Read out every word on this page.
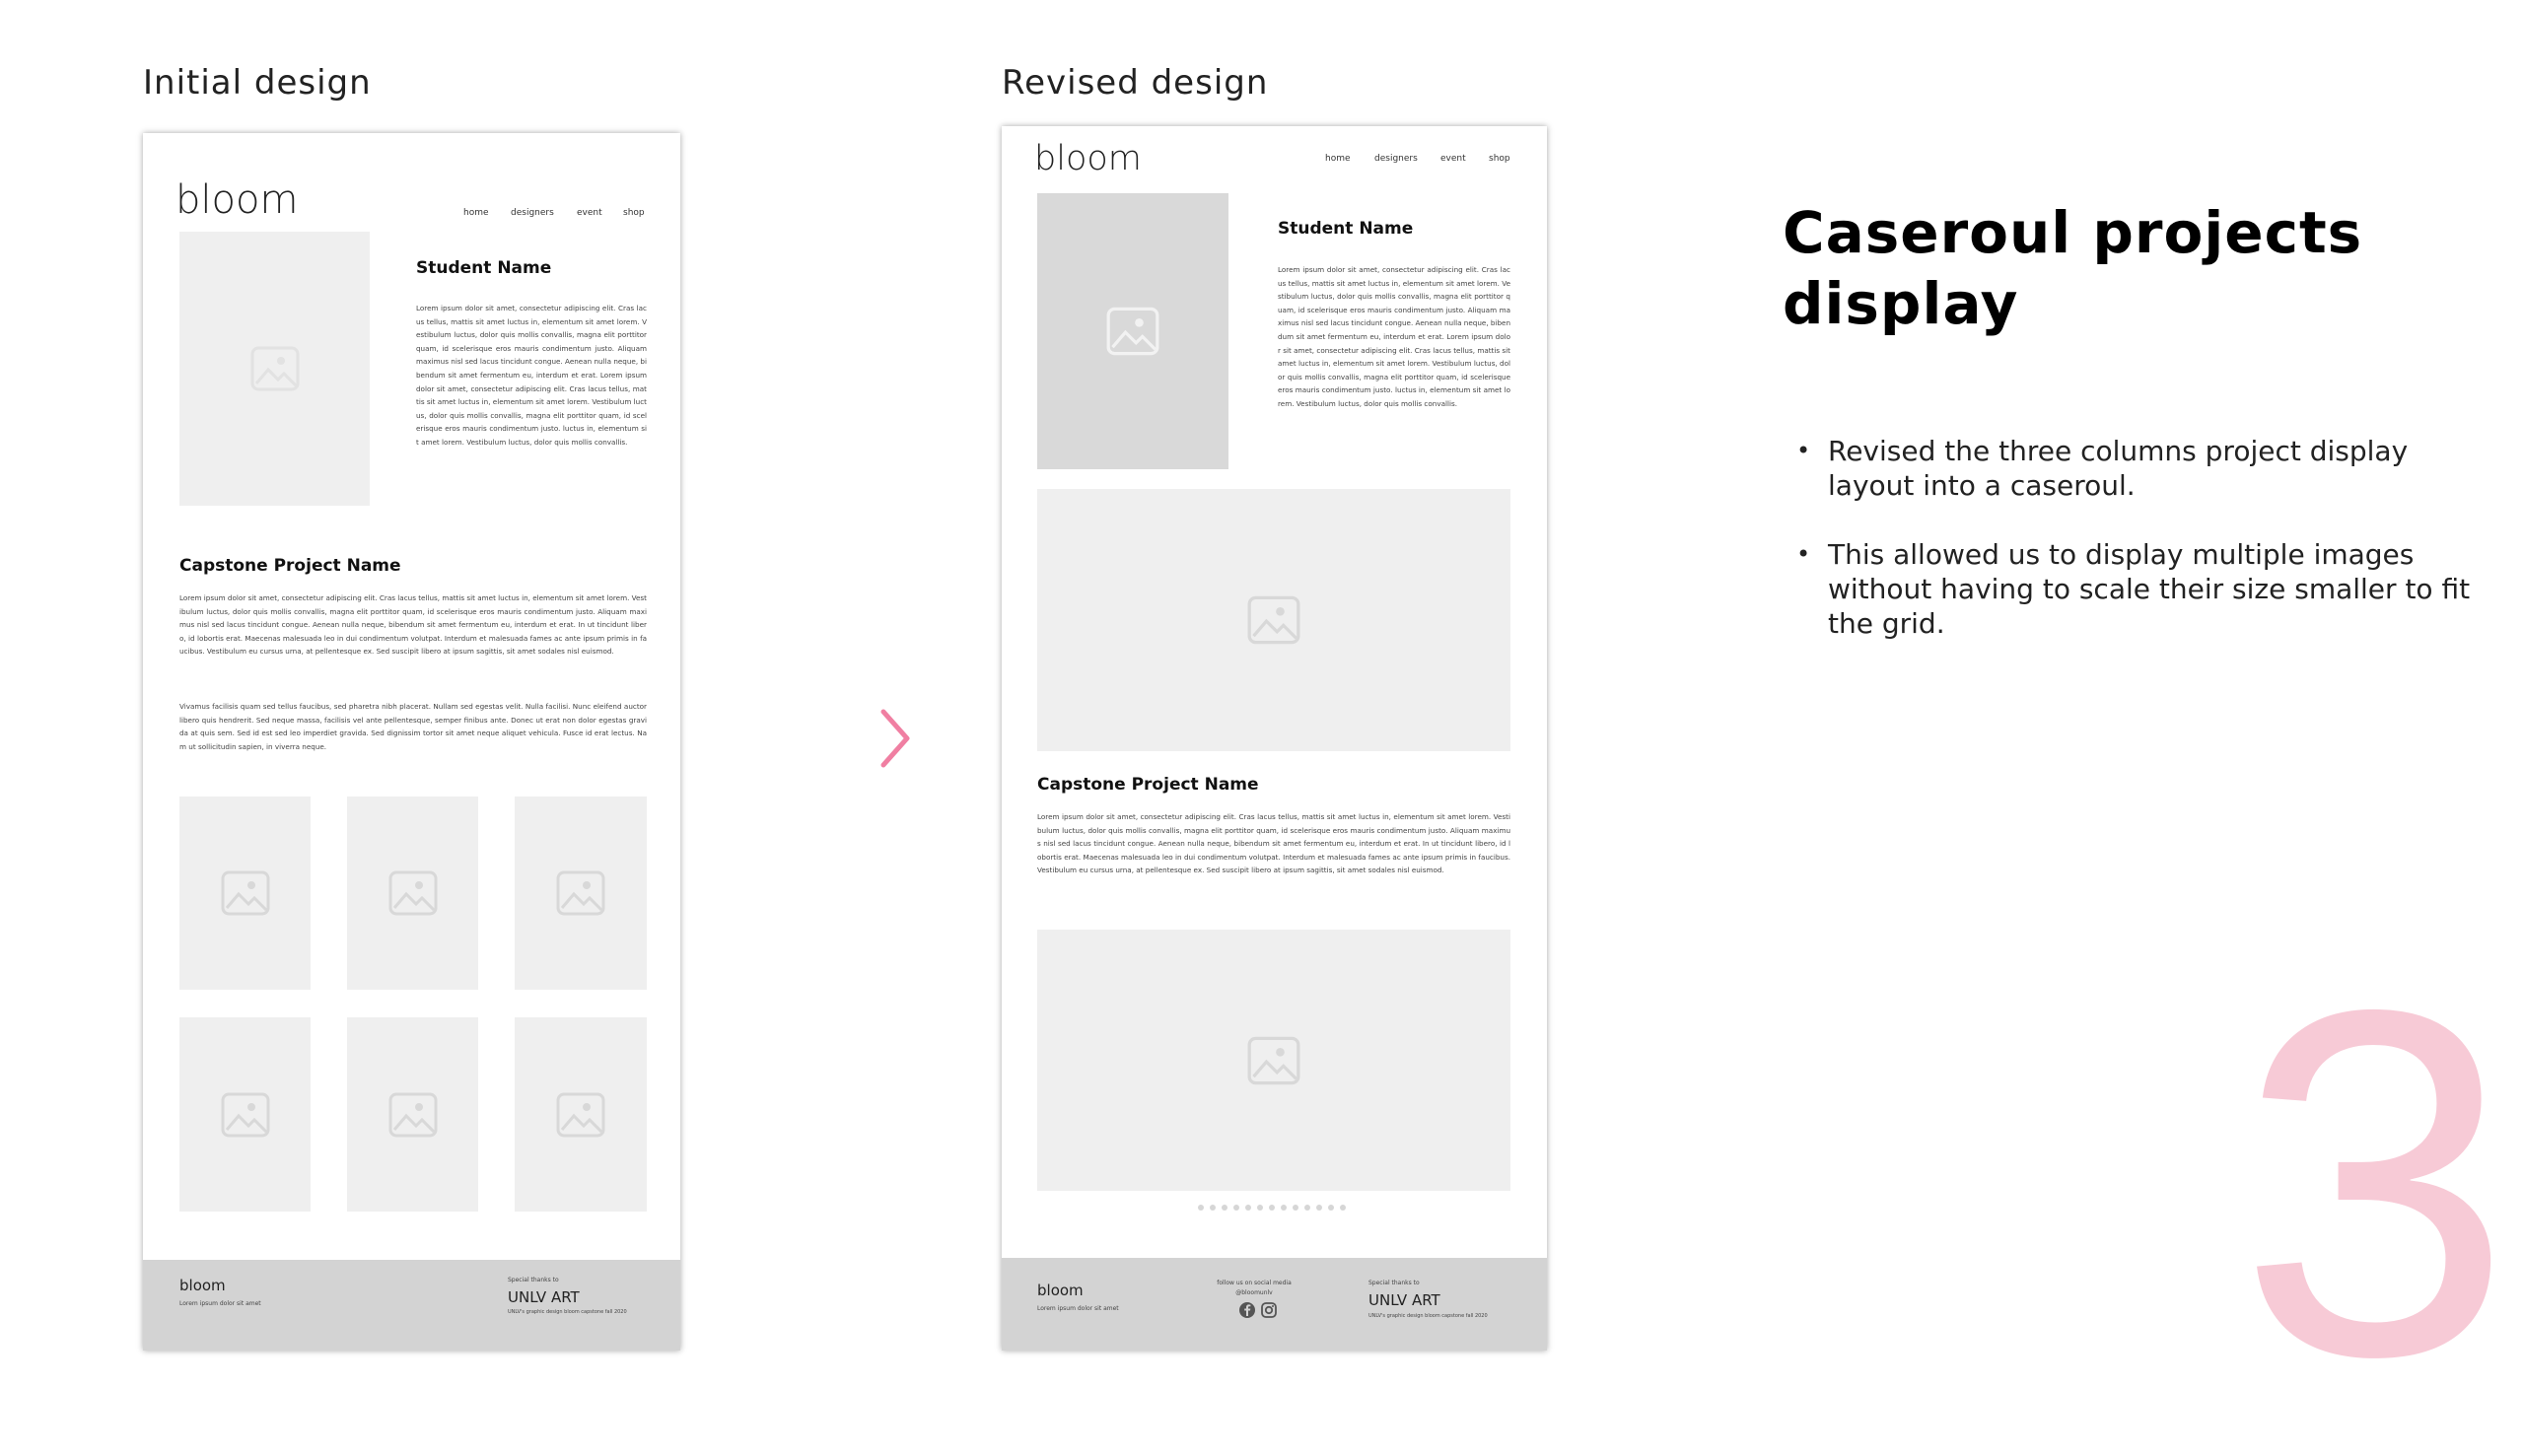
Initial design	Revised design
bloom	home designers	event shop
Student Name
Lorem ipsum dolor sit amet, consectetur adipiscing elit. Cras lacus tellus, mattis sit amet luctus in, elementum sit amet lorem. Vestibulum luctus, dolor quis mollis convallis, magna elit porttitor quam, id scelerisque eros mauris condimentum justo. Aliquam maximus nisl sed lacus tincidunt congue. Aenean nulla neque, bibendum sit amet fermentum eu, interdum et erat. Lorem ipsum dolor sit amet, consectetur adipiscing elit. Cras lacus tellus, mattis sit amet luctus in, elementum sit amet lorem. Vestibulum luctus, dolor quis mollis convallis, magna elit porttitor quam, id scelerisque eros mauris condimentum justo. luctus in, elementum sit amet lorem. Vestibulum luctus, dolor quis mollis convallis.
Capstone Project Name
Lorem ipsum dolor sit amet, consectetur adipiscing elit. Cras lacus tellus, mattis sit amet luctus in, elementum sit amet lorem. Vestibulum luctus, dolor quis mollis convallis, magna elit porttitor quam, id scelerisque eros mauris condimentum justo. Aliquam maximus nisl sed lacus tincidunt congue. Aenean nulla neque, bibendum sit amet fermentum eu, interdum et erat. In ut tincidunt libero, id lobortis erat. Maecenas malesuada leo in dui condimentum volutpat. Interdum et malesuada fames ac ante ipsum primis in faucibus. Vestibulum eu cursus urna, at pellentesque ex. Sed suscipit libero at ipsum sagittis, sit amet sodales nisl euismod.
Vivamus facilisis quam sed tellus faucibus, sed pharetra nibh placerat. Nullam sed egestas velit. Nulla facilisi. Nunc eleifend auctor libero quis hendrerit. Sed neque massa, facilisis vel ante pellentesque, semper finibus ante. Donec ut erat non dolor egestas gravida at quis sem. Sed id est sed leo imperdiet gravida. Sed dignissim tortor sit amet neque aliquet vehicula. Fusce id erat lectus. Nam ut sollicitudin sapien, in viverra neque.
bloom
Lorem ipsum dolor sit amet
Special thanks to
UNLV ART
UNLV's graphic design bloom capstone fall 2020
bloom	home	designers	event	shop
Student Name
Lorem ipsum dolor sit amet, consectetur adipiscing elit. Cras lacus tellus, mattis sit amet luctus in, elementum sit amet lorem. Vestibulum luctus, dolor quis mollis convallis, magna elit porttitor quam, id scelerisque eros mauris condimentum justo. Aliquam maximus nisl sed lacus tincidunt congue. Aenean nulla neque, bibendum sit amet fermentum eu, interdum et erat. Lorem ipsum dolor sit amet, consectetur adipiscing elit. Cras lacus tellus, mattis sit amet luctus in, elementum sit amet lorem. Vestibulum luctus, dolor quis mollis convallis, magna elit porttitor quam, id scelerisque eros mauris condimentum justo. luctus in, elementum sit amet lorem. Vestibulum luctus, dolor quis mollis convallis.
Capstone Project Name
Lorem ipsum dolor sit amet, consectetur adipiscing elit. Cras lacus tellus, mattis sit amet luctus in, elementum sit amet lorem. Vestibulum luctus, dolor quis mollis convallis, magna elit porttitor quam, id scelerisque eros mauris condimentum justo. Aliquam maximus nisl sed lacus tincidunt congue. Aenean nulla neque, bibendum sit amet fermentum eu, interdum et erat. In ut tincidunt libero, id lobortis erat. Maecenas malesuada leo in dui condimentum volutpat. Interdum et malesuada fames ac ante ipsum primis in faucibus. Vestibulum eu cursus urna, at pellentesque ex. Sed suscipit libero at ipsum sagittis, sit amet sodales nisl euismod.
bloom
Lorem ipsum dolor sit amet
follow us on social media
@bloomunlv
Special thanks to
UNLV ART
UNLV's graphic design bloom capstone fall 2020
Caseroul projects display
• Revised the three columns project display layout into a caseroul.
• This allowed us to display multiple images without having to scale their size smaller to fit the grid.
3
